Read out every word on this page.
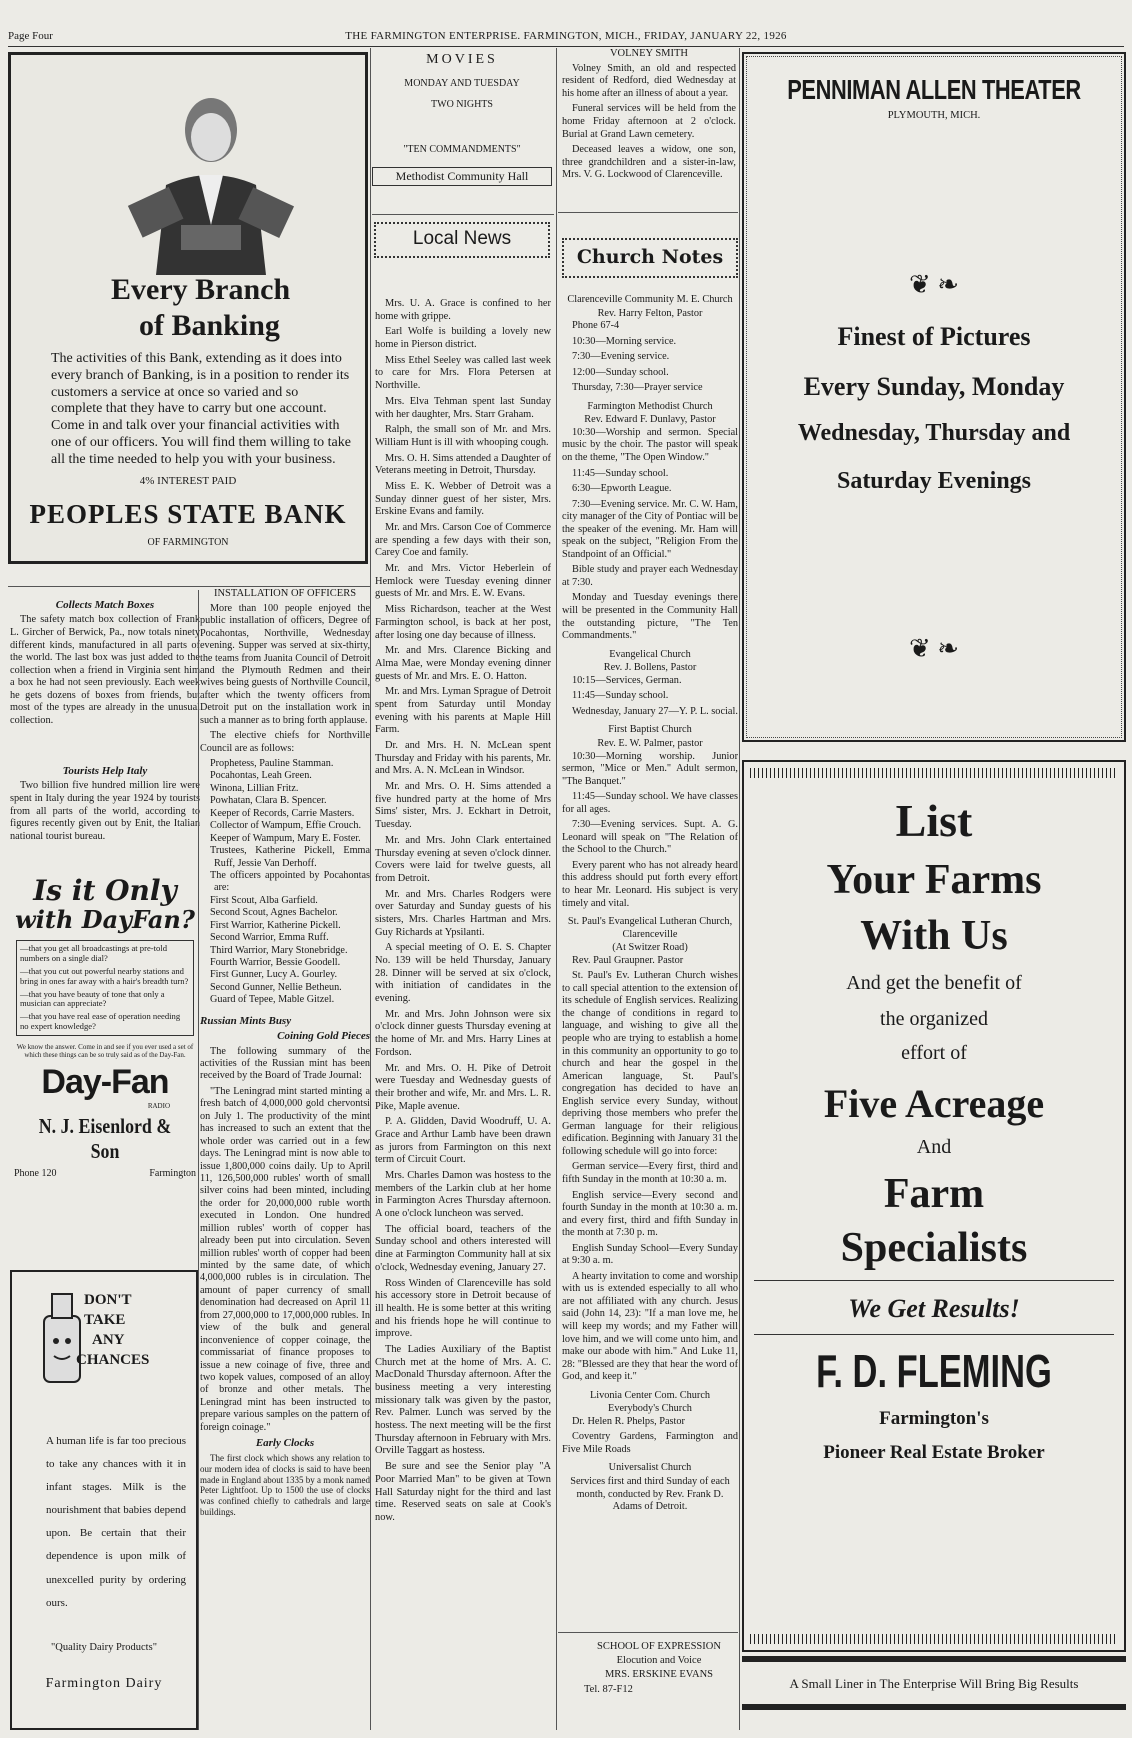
Page Four	THE FARMINGTON ENTERPRISE. FARMINGTON, MICH., FRIDAY, JANUARY 22, 1926
Every Branch
of Banking
The activities of this Bank, extending as it does into every branch of Banking, is in a position to render its customers a service at once so varied and so complete that they have to carry but one account. Come in and talk over your financial activities with one of our officers. You will find them willing to take all the time needed to help you with your business.
4% INTEREST PAID
PEOPLES STATE BANK
OF FARMINGTON
MOVIES
MONDAY AND TUESDAY
TWO NIGHTS
"TEN COMMANDMENTS"
Methodist Community Hall
Local News

Mrs. U. A. Grace is confined to her home with grippe.

Earl Wolfe is building a lovely new home in Pierson district.

Miss Ethel Seeley was called last week to care for Mrs. Flora Petersen at Northville.

Mrs. Elva Tehman spent last Sunday with her daughter, Mrs. Starr Graham.

Ralph, the small son of Mr. and Mrs. William Hunt is ill with whooping cough.

Mrs. O. H. Sims attended a Daughter of Veterans meeting in Detroit, Thursday.

Miss E. K. Webber of Detroit was a Sunday dinner guest of her sister, Mrs. Erskine Evans and family.

Mr. and Mrs. Carson Coe of Commerce are spending a few days with their son, Carey Coe and family.

Mr. and Mrs. Victor Heberlein of Hemlock were Tuesday evening dinner guests of Mr. and Mrs. E. W. Evans.

Miss Richardson, teacher at the West Farmington school, is back at her post, after losing one day because of illness.

Mr. and Mrs. Clarence Bicking and Alma Mae, were Monday evening dinner guests of Mr. and Mrs. E. O. Hatton.

Mr. and Mrs. Lyman Sprague of Detroit spent from Saturday until Monday evening with his parents at Maple Hill Farm.

Dr. and Mrs. H. N. McLean spent Thursday and Friday with his parents, Mr. and Mrs. A. N. McLean in Windsor.

Mr. and Mrs. O. H. Sims attended a five hundred party at the home of Mrs Sims' sister, Mrs. J. Eckhart in Detroit, Tuesday.

Mr. and Mrs. John Clark entertained Thursday evening at seven o'clock dinner. Covers were laid for twelve guests, all from Detroit.

Mr. and Mrs. Charles Rodgers were over Saturday and Sunday guests of his sisters, Mrs. Charles Hartman and Mrs. Guy Richards at Ypsilanti.

A special meeting of O. E. S. Chapter No. 139 will be held Thursday, January 28. Dinner will be served at six o'clock, with initiation of candidates in the evening.

Mr. and Mrs. John Johnson were six o'clock dinner guests Thursday evening at the home of Mr. and Mrs. Harry Lines at Fordson.

Mr. and Mrs. O. H. Pike of Detroit were Tuesday and Wednesday guests of their brother and wife, Mr. and Mrs. L. R. Pike, Maple avenue.

P. A. Glidden, David Woodruff, U. A. Grace and Arthur Lamb have been drawn as jurors from Farmington on this next term of Circuit Court.

Mrs. Charles Damon was hostess to the members of the Larkin club at her home in Farmington Acres Thursday afternoon. A one o'clock luncheon was served.

The official board, teachers of the Sunday school and others interested will dine at Farmington Community hall at six o'clock, Wednesday evening, January 27.

Ross Winden of Clarenceville has sold his accessory store in Detroit because of ill health. He is some better at this writing and his friends hope he will continue to improve.

The Ladies Auxiliary of the Baptist Church met at the home of Mrs. A. C. MacDonald Thursday afternoon. After the business meeting a very interesting missionary talk was given by the pastor, Rev. Palmer. Lunch was served by the hostess. The next meeting will be the first Thursday afternoon in February with Mrs. Orville Taggart as hostess.

Be sure and see the Senior play "A Poor Married Man" to be given at Town Hall Saturday night for the third and last time. Reserved seats on sale at Cook's now.

VOLNEY SMITH

Volney Smith, an old and respected resident of Redford, died Wednesday at his home after an illness of about a year.

Funeral services will be held from the home Friday afternoon at 2 o'clock. Burial at Grand Lawn cemetery.

Deceased leaves a widow, one son, three grandchildren and a sister-in-law, Mrs. V. G. Lockwood of Clarenceville.

Church Notes
Clarenceville Community M. E. Church

Rev. Harry Felton, Pastor

Phone 67-4

10:30—Morning service.

7:30—Evening service.

12:00—Sunday school.

Thursday, 7:30—Prayer service

Farmington Methodist Church

Rev. Edward F. Dunlavy, Pastor

10:30—Worship and sermon. Special music by the choir. The pastor will speak on the theme, "The Open Window."

11:45—Sunday school.

6:30—Epworth League.

7:30—Evening service. Mr. C. W. Ham, city manager of the City of Pontiac will be the speaker of the evening. Mr. Ham will speak on the subject, "Religion From the Standpoint of an Official."

Bible study and prayer each Wednesday at 7:30.

Monday and Tuesday evenings there will be presented in the Community Hall the outstanding picture, "The Ten Commandments."

Evangelical Church

Rev. J. Bollens, Pastor

10:15—Services, German.

11:45—Sunday school.

Wednesday, January 27—Y. P. L. social.

First Baptist Church

Rev. E. W. Palmer, pastor

10:30—Morning worship. Junior sermon, "Mice or Men." Adult sermon, "The Banquet."

11:45—Sunday school. We have classes for all ages.

7:30—Evening services. Supt. A. G. Leonard will speak on "The Relation of the School to the Church."

Every parent who has not already heard this address should put forth every effort to hear Mr. Leonard. His subject is very timely and vital.

St. Paul's Evangelical Lutheran Church, Clarenceville

(At Switzer Road)

Rev. Paul Graupner. Pastor

St. Paul's Ev. Lutheran Church wishes to call special attention to the extension of its schedule of English services. Realizing the change of conditions in regard to language, and wishing to give all the people who are trying to establish a home in this community an opportunity to go to church and hear the gospel in the American language, St. Paul's congregation has decided to have an English service every Sunday, without depriving those members who prefer the German language for their religious edification. Beginning with January 31 the following schedule will go into force:

German service—Every first, third and fifth Sunday in the month at 10:30 a. m.

English service—Every second and fourth Sunday in the month at 10:30 a. m. and every first, third and fifth Sunday in the month at 7:30 p. m.

English Sunday School—Every Sunday at 9:30 a. m.

A hearty invitation to come and worship with us is extended especially to all who are not affiliated with any church. Jesus said (John 14, 23): "If a man love me, he will keep my words; and my Father will love him, and we will come unto him, and make our abode with him." And Luke 11, 28: "Blessed are they that hear the word of God, and keep it."

Livonia Center Com. Church

Everybody's Church

Dr. Helen R. Phelps, Pastor

Coventry Gardens, Farmington and Five Mile Roads

Universalist Church

Services first and third Sunday of each month, conducted by Rev. Frank D. Adams of Detroit.

SCHOOL OF EXPRESSION
Elocution and Voice
MRS. ERSKINE EVANS
Tel. 87-F12
PENNIMAN ALLEN THEATER
PLYMOUTH, MICH.
❦ ❧
Finest of Pictures
Every Sunday, Monday
Wednesday, Thursday and
Saturday Evenings
❦ ❧
List
Your Farms
With Us
And get the benefit of
the organized
effort of
Five Acreage
And
Farm
Specialists
We Get Results!
F. D. FLEMING
Farmington's
Pioneer Real Estate Broker
A Small Liner in The Enterprise Will Bring Big Results
Collects Match Boxes

The safety match box collection of Frank L. Gircher of Berwick, Pa., now totals ninety different kinds, manufactured in all parts of the world. The last box was just added to the collection when a friend in Virginia sent him a box he had not seen previously. Each week he gets dozens of boxes from friends, but most of the types are already in the unusual collection.

Tourists Help Italy

Two billion five hundred million lire were spent in Italy during the year 1924 by tourists from all parts of the world, according to figures recently given out by Enit, the Italian national tourist bureau.

Is it Only
with DayFan?
—that you get all broadcastings at pre-told numbers on a single dial?
—that you cut out powerful nearby stations and bring in ones far away with a hair's breadth turn?
—that you have beauty of tone that only a musician can appreciate?
—that you have real ease of operation needing no expert knowledge?
We know the answer. Come in and see if you ever used a set of which these things can be so truly said as of the Day-Fan.
Day-Fan
RADIO
N. J. Eisenlord & Son
Phone 120	Farmington
DON'T
TAKE
ANY
CHANCES
A human life is far too precious to take any chances with it in infant stages. Milk is the nourishment that babies depend upon. Be certain that their dependence is upon milk of unexcelled purity by ordering ours.
"Quality Dairy Products"
Farmington Dairy
INSTALLATION OF OFFICERS

More than 100 people enjoyed the public installation of officers, Degree of Pocahontas, Northville, Wednesday evening. Supper was served at six-thirty, the teams from Juanita Council of Detroit and the Plymouth Redmen and their wives being guests of Northville Council, after which the twenty officers from Detroit put on the installation work in such a manner as to bring forth applause.

The elective chiefs for Northville Council are as follows:

Prophetess, Pauline Stamman.
Pocahontas, Leah Green.
Winona, Lillian Fritz.
Powhatan, Clara B. Spencer.
Keeper of Records, Carrie Masters.
Collector of Wampum, Effie Crouch.
Keeper of Wampum, Mary E. Foster.
Trustees, Katherine Pickell, Emma Ruff, Jessie Van Derhoff.
The officers appointed by Pocahontas are:
First Scout, Alba Garfield.
Second Scout, Agnes Bachelor.
First Warrior, Katherine Pickell.
Second Warrior, Emma Ruff.
Third Warrior, Mary Stonebridge.
Fourth Warrior, Bessie Goodell.
First Gunner, Lucy A. Gourley.
Second Gunner, Nellie Betheun.
Guard of Tepee, Mable Gitzel.
Russian Mints Busy
Coining Gold Pieces

The following summary of the activities of the Russian mint has been received by the Board of Trade Journal:

"The Leningrad mint started minting a fresh batch of 4,000,000 gold chervontsi on July 1. The productivity of the mint has increased to such an extent that the whole order was carried out in a few days. The Leningrad mint is now able to issue 1,800,000 coins daily. Up to April 11, 126,500,000 rubles' worth of small silver coins had been minted, including the order for 20,000,000 ruble worth executed in London. One hundred million rubles' worth of copper has already been put into circulation. Seven million rubles' worth of copper had been minted by the same date, of which 4,000,000 rubles is in circulation. The amount of paper currency of small denomination had decreased on April 11 from 27,000,000 to 17,000,000 rubles. In view of the bulk and general inconvenience of copper coinage, the commissariat of finance proposes to issue a new coinage of five, three and two kopek values, composed of an alloy of bronze and other metals. The Leningrad mint has been instructed to prepare various samples on the pattern of foreign coinage."

Early Clocks

The first clock which shows any relation to our modern idea of clocks is said to have been made in England about 1335 by a monk named Peter Lightfoot. Up to 1500 the use of clocks was confined chiefly to cathedrals and large buildings.
